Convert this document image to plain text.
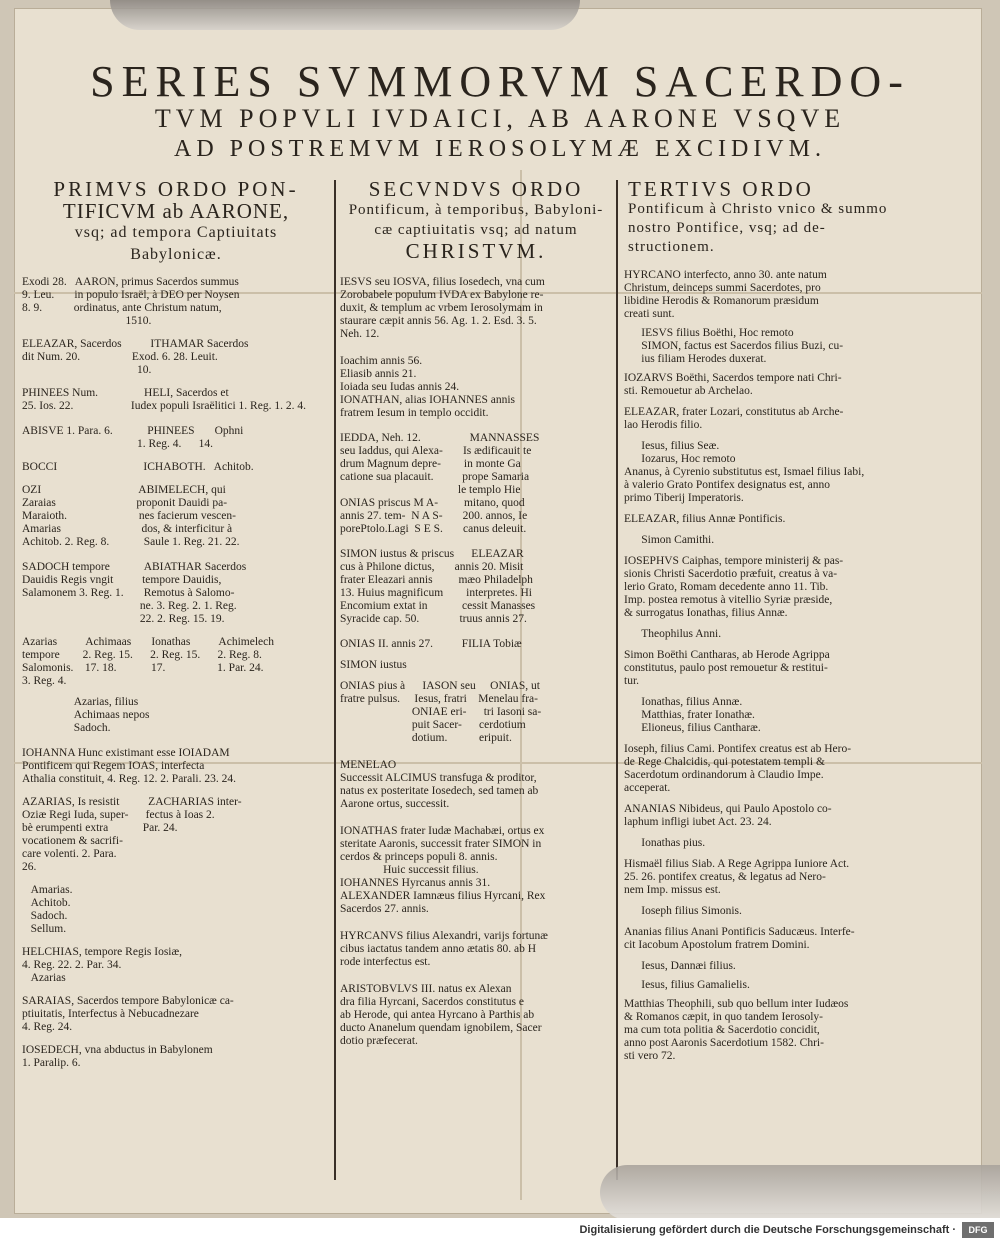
SERIES SVMMORVM SACERDO-
TVM POPVLI IVDAICI, AB AARONE VSQVE
AD POSTREMVM IEROSOLYMÆ EXCIDIVM.
PRIMVS ORDO PON-
TIFICVM ab AARONE,
vsq; ad tempora Captiuitats
Babylonicæ.

Exodi 28.   AARON, primus Sacerdos summus
9. Leu.       in populo Israël, à DEO per Noysen
8. 9.           ordinatus, ante Christum natum,
1510.

ELEAZAR, Sacerdos          ITHAMAR Sacerdos
dit Num. 20.                  Exod. 6. 28. Leuit.
10.

PHINEES Num.                HELI, Sacerdos et
25. Ios. 22.                    Iudex populi Israëlitici 1. Reg. 1. 2. 4.

ABISVE 1. Para. 6.            PHINEES       Ophni
1. Reg. 4.      14.

BOCCI                              ICHABOTH.   Achitob.

OZI                                  ABIMELECH, qui
Zaraias                            proponit Dauidi pa-
Maraioth.                         nes facierum vescen-
Amarias                            dos, & interficitur à
Achitob. 2. Reg. 8.            Saule 1. Reg. 21. 22.

SADOCH tempore            ABIATHAR Sacerdos
Dauidis Regis vngit          tempore Dauidis,
Salamonem 3. Reg. 1.       Remotus à Salomo-
ne. 3. Reg. 2. 1. Reg.
22. 2. Reg. 15. 19.

Azarias          Achimaas       Ionathas          Achimelech
tempore        2. Reg. 15.      2. Reg. 15.      2. Reg. 8.
Salomonis.    17. 18.            17.                  1. Par. 24.
3. Reg. 4.

Azarias, filius
Achimaas nepos
Sadoch.

IOHANNA Hunc existimant esse IOIADAM
Pontificem qui Regem IOAS, interfecta
Athalia constituit, 4. Reg. 12. 2. Parali. 23. 24.

AZARIAS, Is resistit          ZACHARIAS inter-
Oziæ Regi Iuda, super-      fectus à Ioas 2.
bè erumpenti extra            Par. 24.
vocationem & sacrifi-
care volenti. 2. Para.
26.

Amarias.
Achitob.
Sadoch.
Sellum.

HELCHIAS, tempore Regis Iosiæ,
4. Reg. 22. 2. Par. 34.
Azarias

SARAIAS, Sacerdos tempore Babylonicæ ca-
ptiuitatis, Interfectus à Nebucadnezare
4. Reg. 24.

IOSEDECH, vna abductus in Babylonem
1. Paralip. 6.

SECVNDVS ORDO
Pontificum, à temporibus, Babyloni-
cæ captiuitatis vsq; ad natum
CHRISTVM.

IESVS seu IOSVA, filius Iosedech, vna cum
Zorobabele populum IVDA ex Babylone re-
duxit, & templum ac vrbem Ierosolymam in
staurare cæpit annis 56. Ag. 1. 2. Esd. 3. 5.
Neh. 12.

Ioachim annis 56.
Eliasib annis 21.
Ioiada seu Iudas annis 24.
IONATHAN, alias IOHANNES annis
fratrem Iesum in templo occidit.

IEDDA, Neh. 12.                 MANNASSES
seu Iaddus, qui Alexa-       Is ædificauit te
drum Magnum depre-        in monte Ga
catione sua placauit.          prope Samaria
le templo Hie
ONIAS priscus M A-         mitano, quod
annis 27. tem-  N A S-       200. annos, Ie
porePtolo.Lagi  S E S.       canus deleuit.

SIMON iustus & priscus      ELEAZAR
cus à Philone dictus,       annis 20. Misit
frater Eleazari annis         mæo Philadelph
13. Huius magnificum        interpretes. Hi
Encomium extat in            cessit Manasses
Syracide cap. 50.              truus annis 27.

ONIAS II. annis 27.          FILIA Tobiæ

SIMON iustus

ONIAS pius à      IASON seu     ONIAS, ut
fratre pulsus.     Iesus, fratri    Menelau fra-
ONIAE eri-      tri Iasoni sa-
puit Sacer-      cerdotium
dotium.           eripuit.

MENELAO
Successit ALCIMUS transfuga & proditor,
natus ex posteritate Iosedech, sed tamen ab
Aarone ortus, successit.

IONATHAS frater Iudæ Machabæi, ortus ex
steritate Aaronis, successit frater SIMON in
cerdos & princeps populi 8. annis.
Huic successit filius.
IOHANNES Hyrcanus annis 31.
ALEXANDER Iamnæus filius Hyrcani, Rex
Sacerdos 27. annis.

HYRCANVS filius Alexandri, varijs fortunæ
cibus iactatus tandem anno ætatis 80. ab H
rode interfectus est.

ARISTOBVLVS III. natus ex Alexan
dra filia Hyrcani, Sacerdos constitutus e
ab Herode, qui antea Hyrcano à Parthis ab
ducto Ananelum quendam ignobilem, Sacer
dotio præfecerat.

TERTIVS ORDO
Pontificum à Christo vnico & summo
nostro Pontifice, vsq; ad de-
structionem.

HYRCANO interfecto, anno 30. ante natum
Christum, deinceps summi Sacerdotes, pro
libidine Herodis & Romanorum præsidum
creati sunt.

IESVS filius Boëthi, Hoc remoto
SIMON, factus est Sacerdos filius Buzi, cu-
ius filiam Herodes duxerat.

IOZARVS Boëthi, Sacerdos tempore nati Chri-
sti. Remouetur ab Archelao.

ELEAZAR, frater Lozari, constitutus ab Arche-
lao Herodis filio.

Iesus, filius Seæ.
Iozarus, Hoc remoto
Ananus, à Cyrenio substitutus est, Ismael filius Iabi,
à valerio Grato Pontifex designatus est, anno
primo Tiberij Imperatoris.

ELEAZAR, filius Annæ Pontificis.

Simon Camithi.

IOSEPHVS Caiphas, tempore ministerij & pas-
sionis Christi Sacerdotio præfuit, creatus à va-
lerio Grato, Romam decedente anno 11. Tib.
Imp. postea remotus à vitellio Syriæ præside,
& surrogatus Ionathas, filius Annæ.

Theophilus Anni.

Simon Boëthi Cantharas, ab Herode Agrippa
constitutus, paulo post remouetur & restitui-
tur.

Ionathas, filius Annæ.
Matthias, frater Ionathæ.
Elioneus, filius Cantharæ.

Ioseph, filius Cami. Pontifex creatus est ab Hero-
de Rege Chalcidis, qui potestatem templi &
Sacerdotum ordinandorum à Claudio Impe.
acceperat.

ANANIAS Nibideus, qui Paulo Apostolo co-
laphum infligi iubet Act. 23. 24.

Ionathas pius.

Hismaël filius Siab. A Rege Agrippa Iuniore Act.
25. 26. pontifex creatus, & legatus ad Nero-
nem Imp. missus est.

Ioseph filius Simonis.

Ananias filius Anani Pontificis Saducæus. Interfe-
cit Iacobum Apostolum fratrem Domini.

Iesus, Dannæi filius.

Iesus, filius Gamalielis.

Matthias Theophili, sub quo bellum inter Iudæos
& Romanos cæpit, in quo tandem Ierosoly-
ma cum tota politia & Sacerdotio concidit,
anno post Aaronis Sacerdotium 1582. Chri-
sti vero 72.

Digitalisierung gefördert durch die Deutsche Forschungsgemeinschaft ·	DFG
